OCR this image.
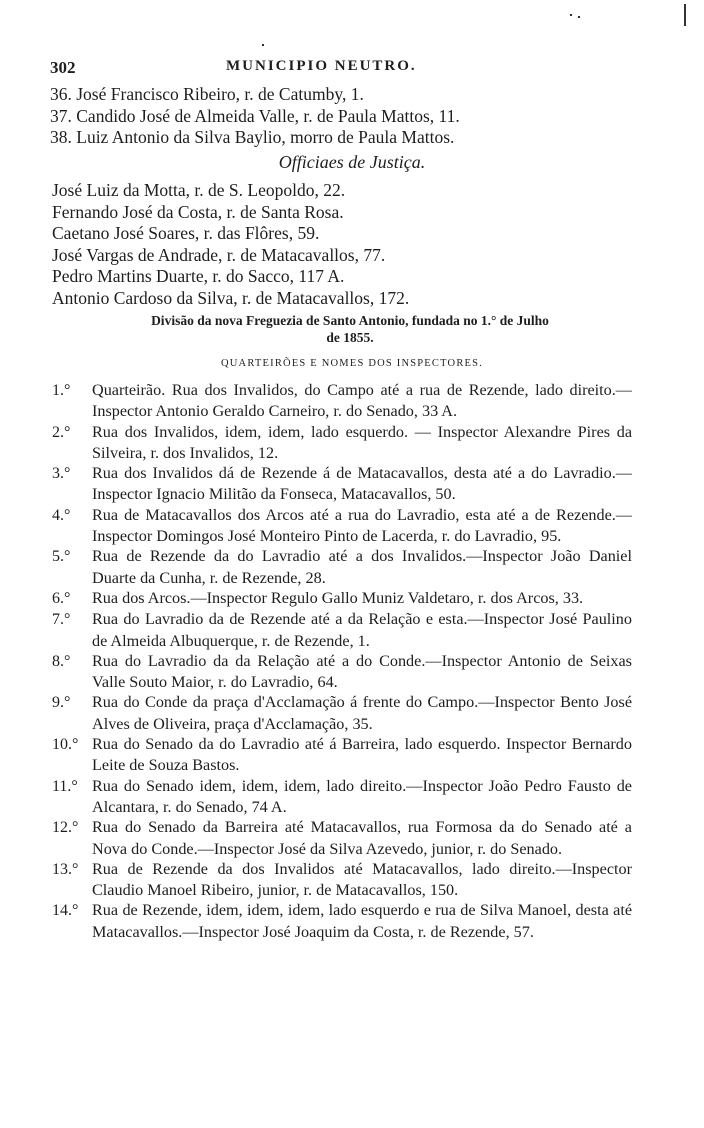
302	MUNICIPIO NEUTRO.
36. José Francisco Ribeiro, r. de Catumby, 1.
37. Candido José de Almeida Valle, r. de Paula Mattos, 11.
38. Luiz Antonio da Silva Baylio, morro de Paula Mattos.
Officiaes de Justiça.
José Luiz da Motta, r. de S. Leopoldo, 22.
Fernando José da Costa, r. de Santa Rosa.
Caetano José Soares, r. das Flôres, 59.
José Vargas de Andrade, r. de Matacavallos, 77.
Pedro Martins Duarte, r. do Sacco, 117 A.
Antonio Cardoso da Silva, r. de Matacavallos, 172.
Divisão da nova Freguezia de Santo Antonio, fundada no 1.° de Julho
de 1855.
QUARTEIRÕES E NOMES DOS INSPECTORES.
1.° Quarteirão. Rua dos Invalidos, do Campo até a rua de Rezende, lado direito.—Inspector Antonio Geraldo Carneiro, r. do Senado, 33 A.
2.° Rua dos Invalidos, idem, idem, lado esquerdo. — Inspector Alexandre Pires da Silveira, r. dos Invalidos, 12.
3.° Rua dos Invalidos dá de Rezende á de Matacavallos, desta até a do Lavradio.—Inspector Ignacio Militão da Fonseca, Matacavallos, 50.
4.° Rua de Matacavallos dos Arcos até a rua do Lavradio, esta até a de Rezende.—Inspector Domingos José Monteiro Pinto de Lacerda, r. do Lavradio, 95.
5.° Rua de Rezende da do Lavradio até a dos Invalidos.—Inspector João Daniel Duarte da Cunha, r. de Rezende, 28.
6.° Rua dos Arcos.—Inspector Regulo Gallo Muniz Valdetaro, r. dos Arcos, 33.
7.° Rua do Lavradio da de Rezende até a da Relação e esta.—Inspector José Paulino de Almeida Albuquerque, r. de Rezende, 1.
8.° Rua do Lavradio da da Relação até a do Conde.—Inspector Antonio de Seixas Valle Souto Maior, r. do Lavradio, 64.
9.° Rua do Conde da praça d'Acclamação á frente do Campo.—Inspector Bento José Alves de Oliveira, praça d'Acclamação, 35.
10.° Rua do Senado da do Lavradio até á Barreira, lado esquerdo. Inspector Bernardo Leite de Souza Bastos.
11.° Rua do Senado idem, idem, idem, lado direito.—Inspector João Pedro Fausto de Alcantara, r. do Senado, 74 A.
12.° Rua do Senado da Barreira até Matacavallos, rua Formosa da do Senado até a Nova do Conde.—Inspector José da Silva Azevedo, junior, r. do Senado.
13.° Rua de Rezende da dos Invalidos até Matacavallos, lado direito.—Inspector Claudio Manoel Ribeiro, junior, r. de Matacavallos, 150.
14.° Rua de Rezende, idem, idem, idem, lado esquerdo e rua de Silva Manoel, desta até Matacavallos.—Inspector José Joaquim da Costa, r. de Rezende, 57.
